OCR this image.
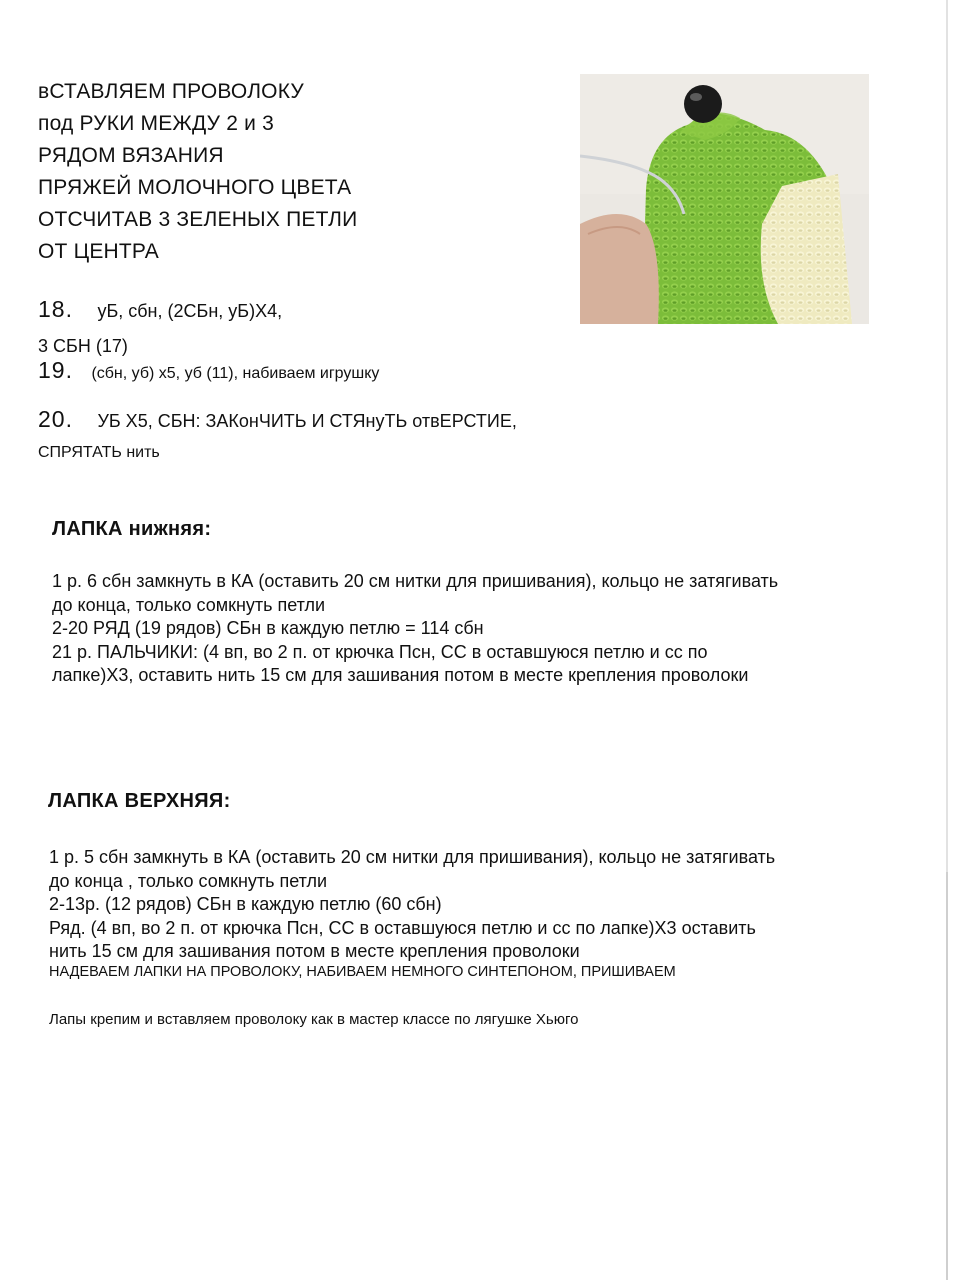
вСТАВЛЯЕМ ПРОВОЛОКУ
под РУКИ МЕЖДУ 2 и 3
РЯДОМ ВЯЗАНИЯ
ПРЯЖЕЙ МОЛОЧНОГО ЦВЕТА
ОТСЧИТАВ 3 ЗЕЛЕНЫХ ПЕТЛИ
ОТ ЦЕНТРА
18. уБ, сбн, (2СБн, уБ)Х4,
3 СБН (17)
19. (сбн, уб) х5, уб (11), набиваем игрушку
20. УБ Х5, СБН: ЗАКонЧИТЬ И СТЯнуТЬ отвЕРСТИЕ,
СПРЯТАТЬ нить
ЛАПКА нижняя:
1 р. 6 сбн замкнуть в КА (оставить 20 см нитки для пришивания), кольцо не затягивать
до конца, только сомкнуть петли
2-20 РЯД (19 рядов) СБн в каждую петлю = 114 сбн
21 р. ПАЛЬЧИКИ: (4 вп, во 2 п. от крючка Псн, СС в оставшуюся петлю и сс по
лапке)Х3, оставить нить 15 см для зашивания потом в месте крепления проволоки
ЛАПКА ВЕРХНЯЯ:
1 р. 5 сбн замкнуть в КА (оставить 20 см нитки для пришивания), кольцо не затягивать
до конца , только сомкнуть петли
2-13р. (12 рядов) СБн в каждую петлю (60 сбн)
Ряд. (4 вп, во 2 п. от крючка Псн, СС в оставшуюся петлю и сс по лапке)Х3 оставить
нить 15 см для зашивания потом в месте крепления проволоки
НАДЕВАЕМ ЛАПКИ НА ПРОВОЛОКУ, НАБИВАЕМ НЕМНОГО СИНТЕПОНОМ, ПРИШИВАЕМ
Лапы крепим и вставляем проволоку как в мастер классе по лягушке Хьюго
